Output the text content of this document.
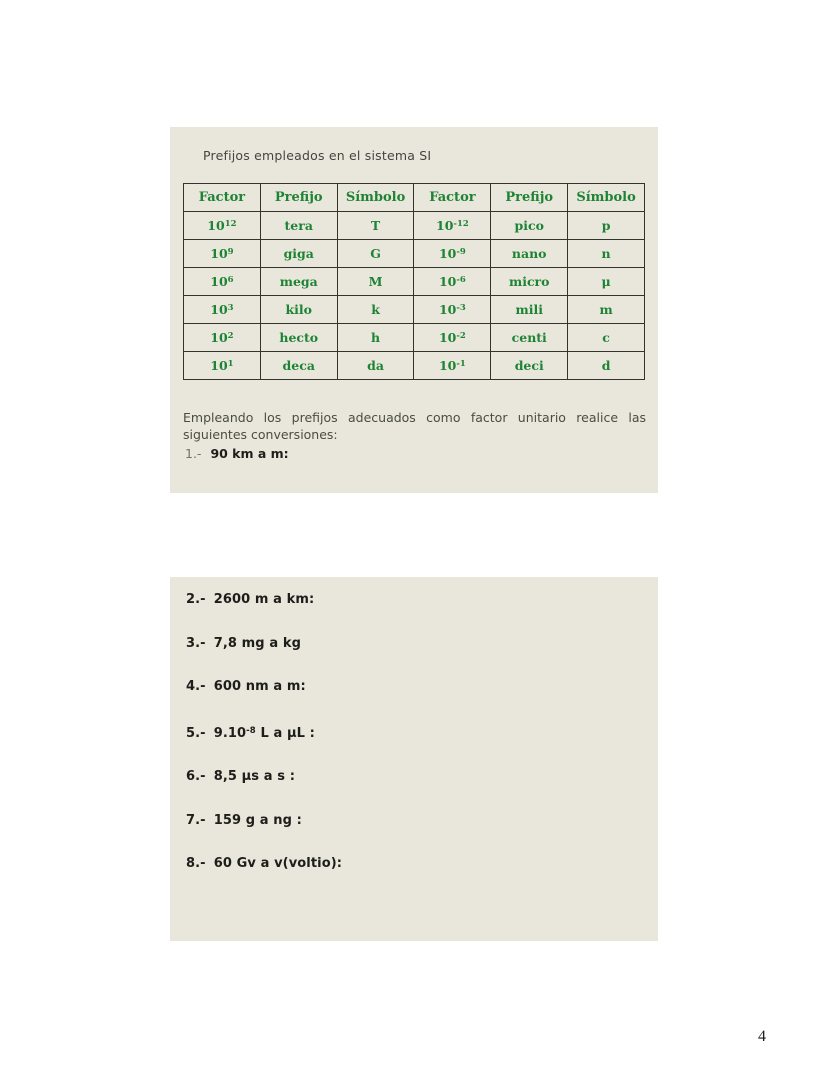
Prefijos empleados en el sistema SI
Factor	Prefijo	Símbolo	Factor	Prefijo	Símbolo
$10^{12}$	tera	T	$10^{-12}$	pico	p
$10^9$	giga	G	$10^{-9}$	nano	n
$10^6$	mega	M	$10^{-6}$	micro	μ
$10^3$	kilo	k	$10^{-3}$	mili	m
$10^2$	hecto	h	$10^{-2}$	centi	c
$10^1$	deca	da	$10^{-1}$	deci	d
Empleando los prefijos adecuados como factor unitario realice las siguientes conversiones:
1.- 90 km a m:
2.- 2600 m a km:
3.- 7,8 mg a kg
4.- 600 nm a m:
5.- $9.10^{-8}$ L a μL :
6.- 8,5 μs a s :
7.- 159 g a ng :
8.- 60 Gv a v(voltio):
4
